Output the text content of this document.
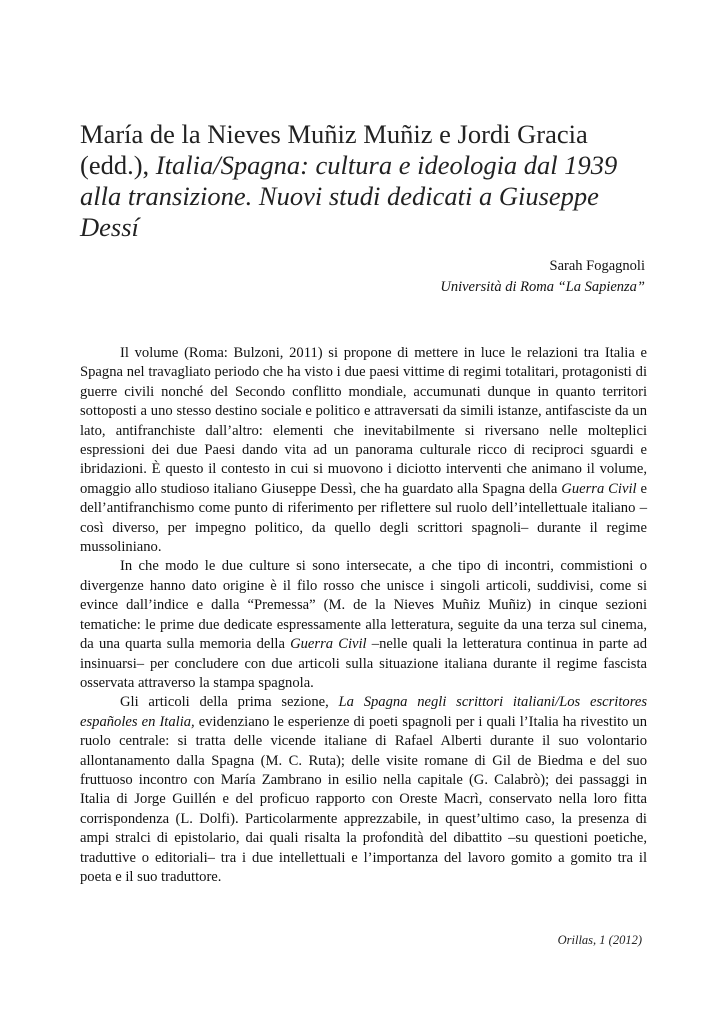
María de la Nieves Muñiz Muñiz e Jordi Gracia (edd.), Italia/Spagna: cultura e ideologia dal 1939 alla transizione. Nuovi studi dedicati a Giuseppe Dessí
Sarah Fogagnoli
Università di Roma “La Sapienza”

Il volume (Roma: Bulzoni, 2011) si propone di mettere in luce le relazioni tra Italia e Spagna nel travagliato periodo che ha visto i due paesi vittime di regimi totalitari, protagonisti di guerre civili nonché del Secondo conflitto mondiale, accumunati dunque in quanto territori sottoposti a uno stesso destino sociale e politico e attraversati da simili istanze, antifasciste da un lato, antifranchiste dall’altro: elementi che inevitabilmente si riversano nelle molteplici espressioni dei due Paesi dando vita ad un panorama culturale ricco di reciproci sguardi e ibridazioni. È questo il contesto in cui si muovono i diciotto interventi che animano il volume, omaggio allo studioso italiano Giuseppe Dessì, che ha guardato alla Spagna della Guerra Civil e dell’antifranchismo come punto di riferimento per riflettere sul ruolo dell’intellettuale italiano –così diverso, per impegno politico, da quello degli scrittori spagnoli– durante il regime mussoliniano.

In che modo le due culture si sono intersecate, a che tipo di incontri, commistioni o divergenze hanno dato origine è il filo rosso che unisce i singoli articoli, suddivisi, come si evince dall’indice e dalla “Premessa” (M. de la Nieves Muñiz Muñiz) in cinque sezioni tematiche: le prime due dedicate espressamente alla letteratura, seguite da una terza sul cinema, da una quarta sulla memoria della Guerra Civil –nelle quali la letteratura continua in parte ad insinuarsi– per concludere con due articoli sulla situazione italiana durante il regime fascista osservata attraverso la stampa spagnola.

Gli articoli della prima sezione, La Spagna negli scrittori italiani/Los escritores españoles en Italia, evidenziano le esperienze di poeti spagnoli per i quali l’Italia ha rivestito un ruolo centrale: si tratta delle vicende italiane di Rafael Alberti durante il suo volontario allontanamento dalla Spagna (M. C. Ruta); delle visite romane di Gil de Biedma e del suo fruttuoso incontro con María Zambrano in esilio nella capitale (G. Calabrò); dei passaggi in Italia di Jorge Guillén e del proficuo rapporto con Oreste Macrì, conservato nella loro fitta corrispondenza (L. Dolfi). Particolarmente apprezzabile, in quest’ultimo caso, la presenza di ampi stralci di epistolario, dai quali risalta la profondità del dibattito –su questioni poetiche, traduttive o editoriali– tra i due intellettuali e l’importanza del lavoro gomito a gomito tra il poeta e il suo traduttore.

Orillas, 1 (2012)
